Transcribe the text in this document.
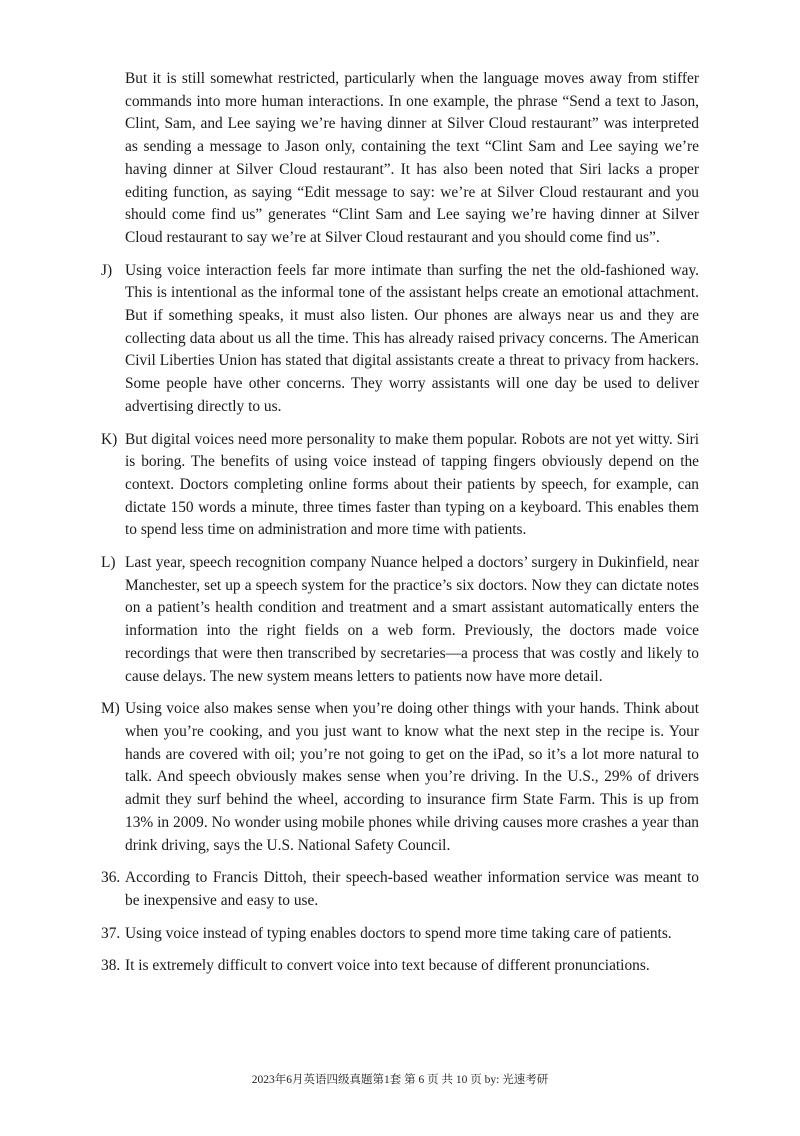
But it is still somewhat restricted, particularly when the language moves away from stiffer commands into more human interactions. In one example, the phrase “Send a text to Jason, Clint, Sam, and Lee saying we’re having dinner at Silver Cloud restaurant” was interpreted as sending a message to Jason only, containing the text “Clint Sam and Lee saying we’re having dinner at Silver Cloud restaurant”. It has also been noted that Siri lacks a proper editing function, as saying “Edit message to say: we’re at Silver Cloud restaurant and you should come find us” generates “Clint Sam and Lee saying we’re having dinner at Silver Cloud restaurant to say we’re at Silver Cloud restaurant and you should come find us”.
J) Using voice interaction feels far more intimate than surfing the net the old-fashioned way. This is intentional as the informal tone of the assistant helps create an emotional attachment. But if something speaks, it must also listen. Our phones are always near us and they are collecting data about us all the time. This has already raised privacy concerns. The American Civil Liberties Union has stated that digital assistants create a threat to privacy from hackers. Some people have other concerns. They worry assistants will one day be used to deliver advertising directly to us.
K) But digital voices need more personality to make them popular. Robots are not yet witty. Siri is boring. The benefits of using voice instead of tapping fingers obviously depend on the context. Doctors completing online forms about their patients by speech, for example, can dictate 150 words a minute, three times faster than typing on a keyboard. This enables them to spend less time on administration and more time with patients.
L) Last year, speech recognition company Nuance helped a doctors’ surgery in Dukinfield, near Manchester, set up a speech system for the practice’s six doctors. Now they can dictate notes on a patient’s health condition and treatment and a smart assistant automatically enters the information into the right fields on a web form. Previously, the doctors made voice recordings that were then transcribed by secretaries—a process that was costly and likely to cause delays. The new system means letters to patients now have more detail.
M) Using voice also makes sense when you’re doing other things with your hands. Think about when you’re cooking, and you just want to know what the next step in the recipe is. Your hands are covered with oil; you’re not going to get on the iPad, so it’s a lot more natural to talk. And speech obviously makes sense when you’re driving. In the U.S., 29% of drivers admit they surf behind the wheel, according to insurance firm State Farm. This is up from 13% in 2009. No wonder using mobile phones while driving causes more crashes a year than drink driving, says the U.S. National Safety Council.
36. According to Francis Dittoh, their speech-based weather information service was meant to be inexpensive and easy to use.
37. Using voice instead of typing enables doctors to spend more time taking care of patients.
38. It is extremely difficult to convert voice into text because of different pronunciations.
2023年6月英语四级真题第1套 第 6 页 共 10 页 by: 光速考研
